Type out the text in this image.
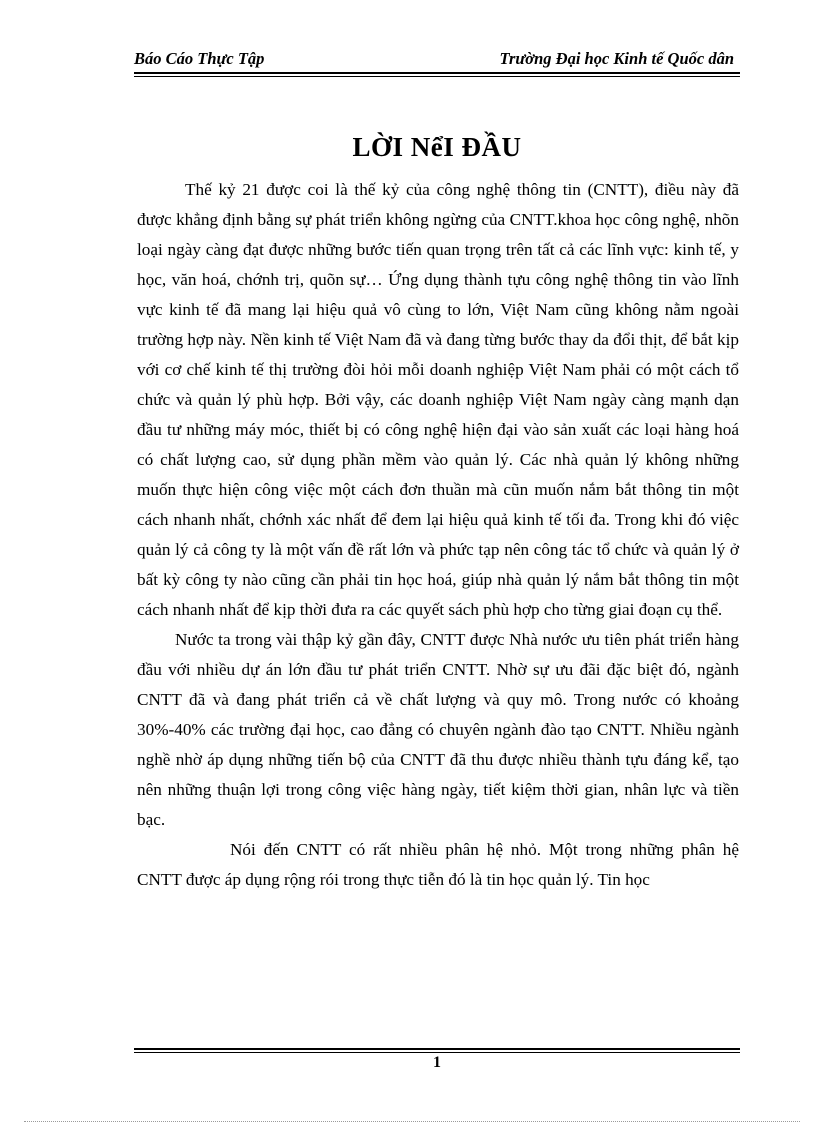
Báo Cáo Thực Tập	Trường Đại học Kinh tế Quốc dân
LỜI NểI ĐẦU

Thế kỷ 21 được coi là thế kỷ của công nghệ thông tin (CNTT), điều này đã được khẳng định bằng sự phát triển không ngừng của CNTT.khoa học công nghệ, nhõn loại ngày càng đạt được những bước tiến quan trọng trên tất cả các lĩnh vực: kinh tế, y học, văn hoá, chớnh trị, quõn sự… Ứng dụng thành tựu công nghệ thông tin vào lĩnh vực kinh tế đã mang lại hiệu quả vô cùng to lớn, Việt Nam cũng không nằm ngoài trường hợp này. Nền kinh tế Việt Nam đã và đang từng bước thay da đổi thịt, để bắt kịp với cơ chế kinh tế thị trường đòi hỏi mỗi doanh nghiệp Việt Nam phải có một cách tổ chức và quản lý phù hợp. Bởi vậy, các doanh nghiệp Việt Nam ngày càng mạnh dạn đầu tư những máy móc, thiết bị có công nghệ hiện đại vào sản xuất các loại hàng hoá có chất lượng cao, sử dụng phần mềm vào quản lý. Các nhà quản lý không những muốn thực hiện công việc một cách đơn thuần mà cũn muốn nắm bắt thông tin một cách nhanh nhất, chớnh xác nhất để đem lại hiệu quả kinh tế tối đa. Trong khi đó việc quản lý cả công ty là một vấn đề rất lớn và phức tạp nên công tác tổ chức và quản lý ở bất kỳ công ty nào cũng cần phải tin học hoá, giúp nhà quản lý nắm bắt thông tin một cách nhanh nhất để kịp thời đưa ra các quyết sách phù hợp cho từng giai đoạn cụ thể.

Nước ta trong vài thập kỷ gần đây, CNTT được Nhà nước ưu tiên phát triển hàng đầu với nhiều dự án lớn đầu tư phát triển CNTT. Nhờ sự ưu đãi đặc biệt đó, ngành CNTT đã và đang phát triển cả về chất lượng và quy mô. Trong nước có khoảng 30%-40% các trường đại học, cao đẳng có chuyên ngành đào tạo CNTT. Nhiều ngành nghề nhờ áp dụng những tiến bộ của CNTT đã thu được nhiều thành tựu đáng kể, tạo nên những thuận lợi trong công việc hàng ngày, tiết kiệm thời gian, nhân lực và tiền bạc.

Nói đến CNTT có rất nhiều phân hệ nhỏ. Một trong những phân hệ CNTT được áp dụng rộng rói trong thực tiễn đó là tin học quản lý. Tin học

1
